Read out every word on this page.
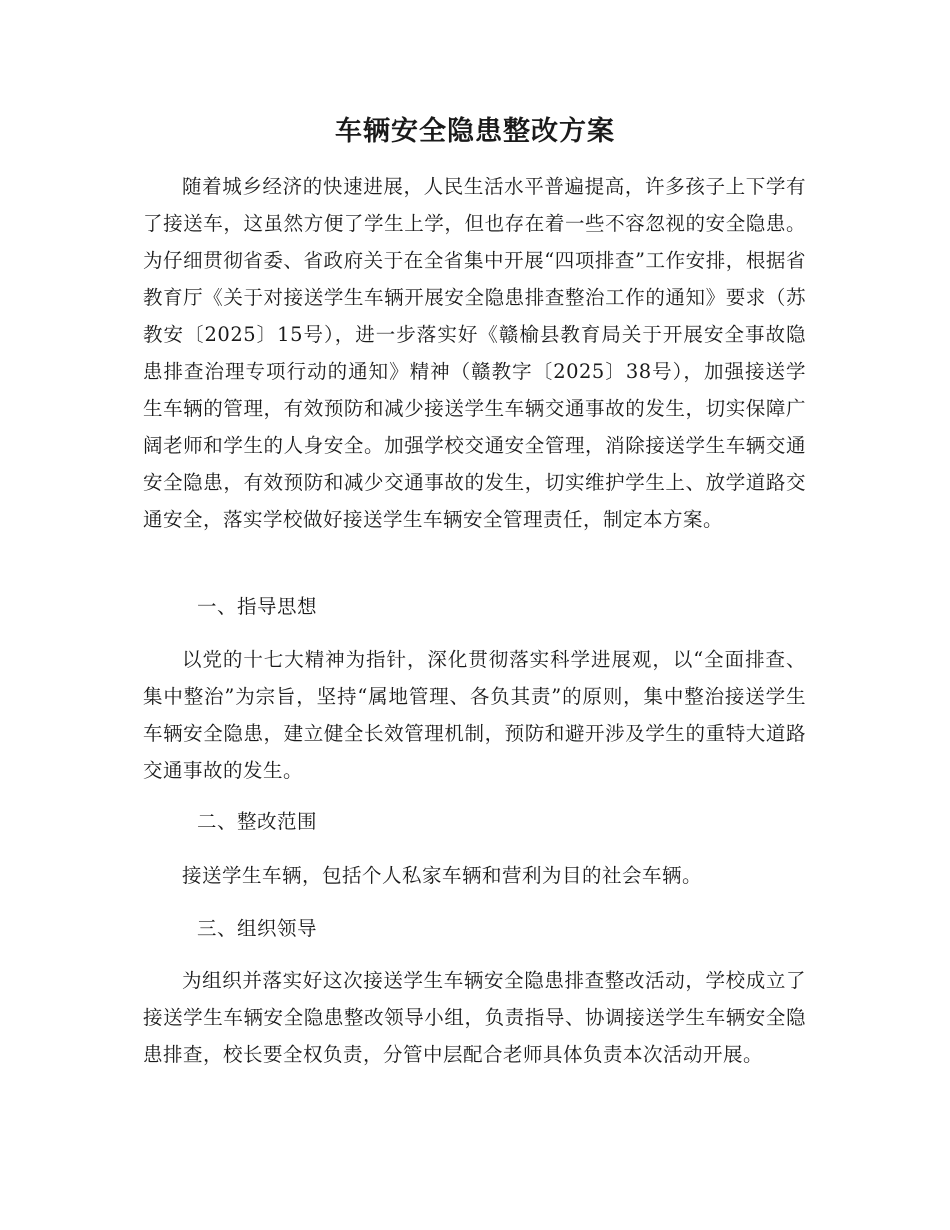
车辆安全隐患整改方案

随着城乡经济的快速进展，人民生活水平普遍提高，许多孩子上下学有了接送车，这虽然方便了学生上学，但也存在着一些不容忽视的安全隐患。为仔细贯彻省委、省政府关于在全省集中开展“四项排查”工作安排，根据省教育厅《关于对接送学生车辆开展安全隐患排查整治工作的通知》要求（苏教安〔2025〕15号），进一步落实好《赣榆县教育局关于开展安全事故隐患排查治理专项行动的通知》精神（赣教字〔2025〕38号），加强接送学生车辆的管理，有效预防和减少接送学生车辆交通事故的发生，切实保障广阔老师和学生的人身安全。加强学校交通安全管理，消除接送学生车辆交通安全隐患，有效预防和减少交通事故的发生，切实维护学生上、放学道路交通安全，落实学校做好接送学生车辆安全管理责任，制定本方案。

一、指导思想

以党的十七大精神为指针，深化贯彻落实科学进展观，以“全面排查、集中整治”为宗旨，坚持“属地管理、各负其责”的原则，集中整治接送学生车辆安全隐患，建立健全长效管理机制，预防和避开涉及学生的重特大道路交通事故的发生。

二、整改范围

接送学生车辆，包括个人私家车辆和营利为目的社会车辆。

三、组织领导

为组织并落实好这次接送学生车辆安全隐患排查整改活动，学校成立了接送学生车辆安全隐患整改领导小组，负责指导、协调接送学生车辆安全隐患排查，校长要全权负责，分管中层配合老师具体负责本次活动开展。
